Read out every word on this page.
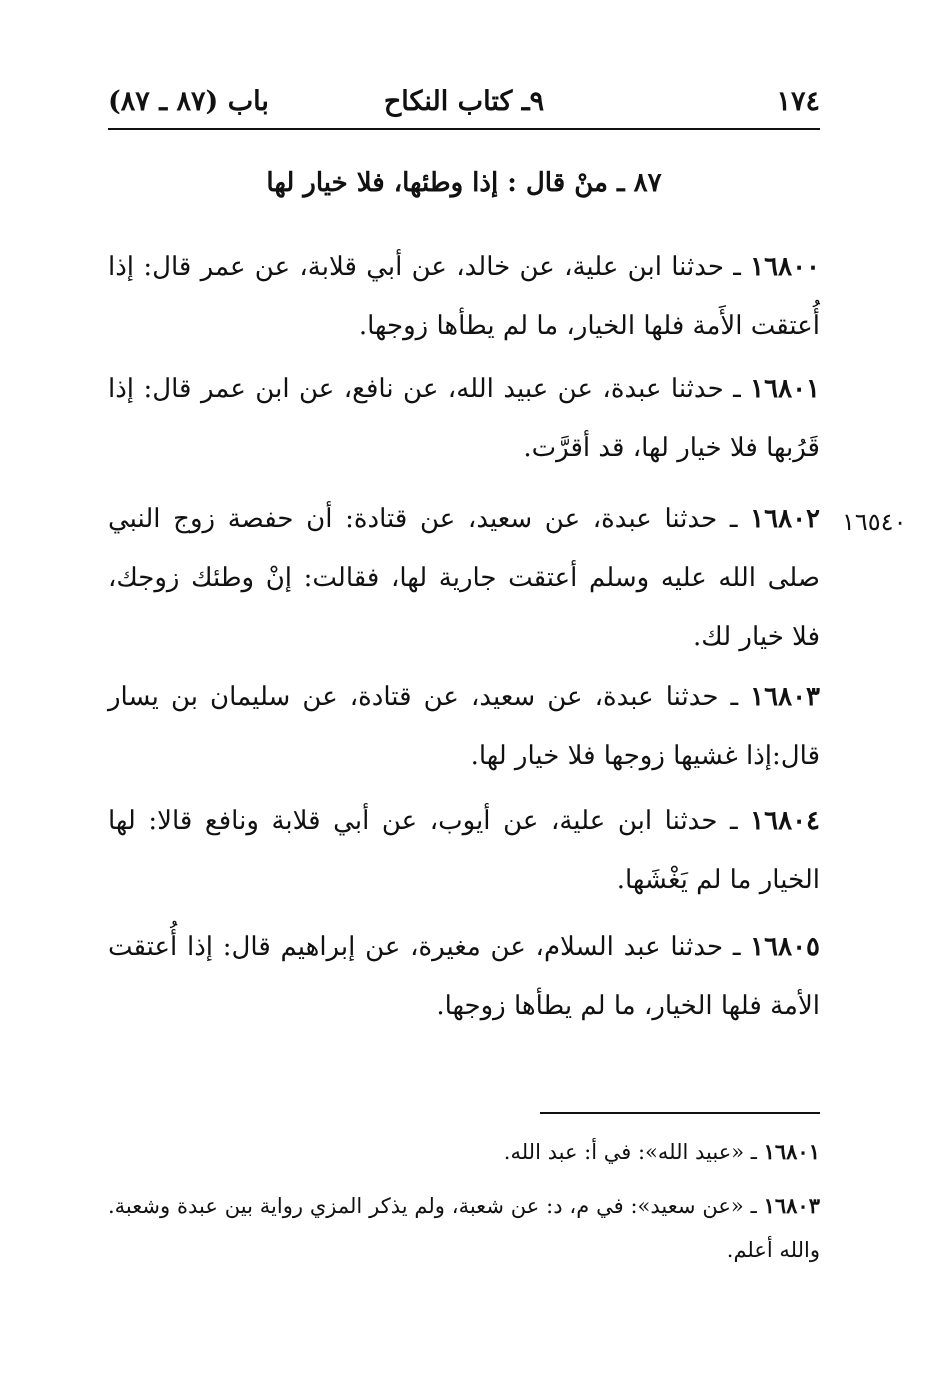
١٧٤
٩ـ كتاب النكاح
باب (٨٧ ـ ٨٧)
٨٧ ـ منْ قال : إذا وطئها، فلا خيار لها
١٦٨٠٠ ـ حدثنا ابن علية، عن خالد، عن أبي قلابة، عن عمر قال: إذا أُعتقت الأَمة فلها الخيار، ما لم يطأها زوجها.
١٦٨٠١ ـ حدثنا عبدة، عن عبيد الله، عن نافع، عن ابن عمر قال: إذا قَرُبها فلا خيار لها، قد أقرَّت.
١٦٥٤٠
١٦٨٠٢ ـ حدثنا عبدة، عن سعيد، عن قتادة: أن حفصة زوج النبي صلى الله عليه وسلم أعتقت جارية لها، فقالت: إنْ وطئك زوجك، فلا خيار لك.
١٦٨٠٣ ـ حدثنا عبدة، عن سعيد، عن قتادة، عن سليمان بن يسار قال:إذا غشيها زوجها فلا خيار لها.
١٦٨٠٤ ـ حدثنا ابن علية، عن أيوب، عن أبي قلابة ونافع قالا: لها الخيار ما لم يَغْشَها.
١٦٨٠٥ ـ حدثنا عبد السلام، عن مغيرة، عن إبراهيم قال: إذا أُعتقت الأمة فلها الخيار، ما لم يطأها زوجها.
١٦٨٠١ ـ «عبيد الله»: في أ: عبد الله.
١٦٨٠٣ ـ «عن سعيد»: في م، د: عن شعبة، ولم يذكر المزي رواية بين عبدة وشعبة. والله أعلم.
